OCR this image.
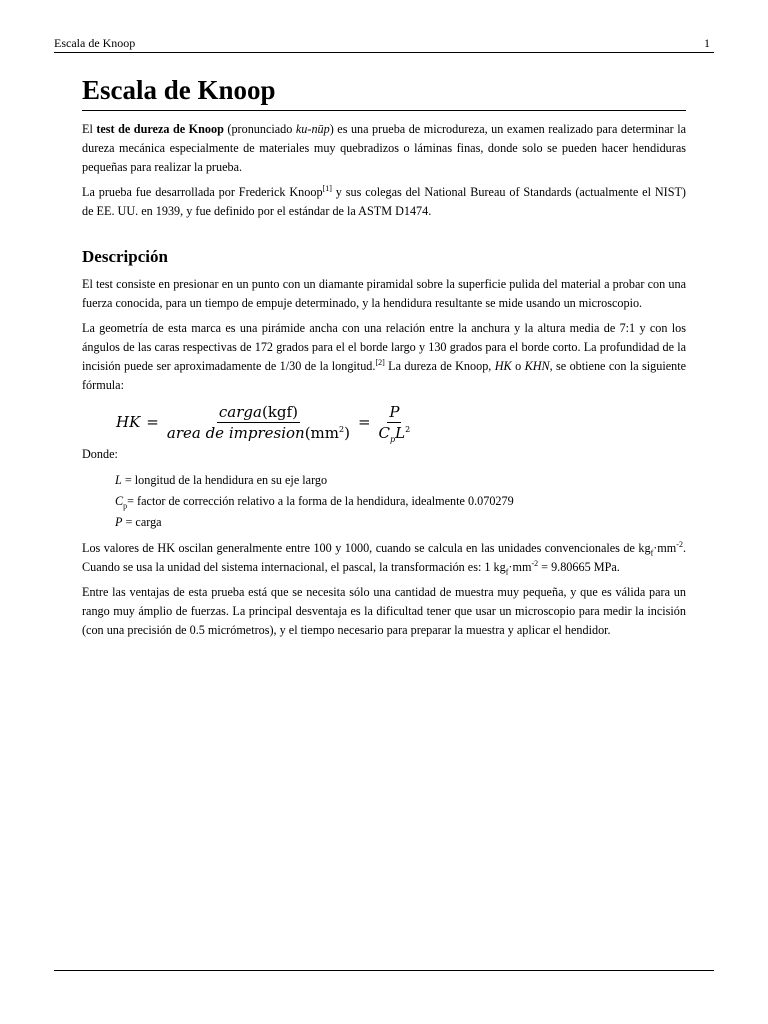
Escala de Knoop	1
Escala de Knoop

El test de dureza de Knoop (pronunciado ku-nūp) es una prueba de microdureza, un examen realizado para determinar la dureza mecánica especialmente de materiales muy quebradizos o láminas finas, donde solo se pueden hacer hendiduras pequeñas para realizar la prueba.

La prueba fue desarrollada por Frederick Knoop[1] y sus colegas del National Bureau of Standards (actualmente el NIST) de EE. UU. en 1939, y fue definido por el estándar de la ASTM D1474.

Descripción

El test consiste en presionar en un punto con un diamante piramidal sobre la superficie pulida del material a probar con una fuerza conocida, para un tiempo de empuje determinado, y la hendidura resultante se mide usando un microscopio.

La geometría de esta marca es una pirámide ancha con una relación entre la anchura y la altura media de 7:1 y con los ángulos de las caras respectivas de 172 grados para el el borde largo y 130 grados para el borde corto. La profundidad de la incisión puede ser aproximadamente de 1/30 de la longitud.[2] La dureza de Knoop, HK o KHN, se obtiene con la siguiente fórmula:

HK = $\frac{\text{carga(kgf)}}{area de impresion(mm^2)} = \frac{P}{C_pL^2}$

Donde:

L = longitud de la hendidura en su eje largo
$C_p=$ factor de corrección relativo a la forma de la hendidura, idealmente 0.070279
P = carga

Los valores de HK oscilan generalmente entre 100 y 1000, cuando se calcula en las unidades convencionales de $kg_f\cdot mm^{-2}$. Cuando se usa la unidad del sistema internacional, el pascal, la transformación es: 1 $kg_f\cdot mm^{-2} = 9.80665$ MPa.

Entre las ventajas de esta prueba está que se necesita sólo una cantidad de muestra muy pequeña, y que es válida para un rango muy ámplio de fuerzas. La principal desventaja es la dificultad tener que usar un microscopio para medir la incisión (con una precisión de 0.5 micrómetros), y el tiempo necesario para preparar la muestra y aplicar el hendidor.
